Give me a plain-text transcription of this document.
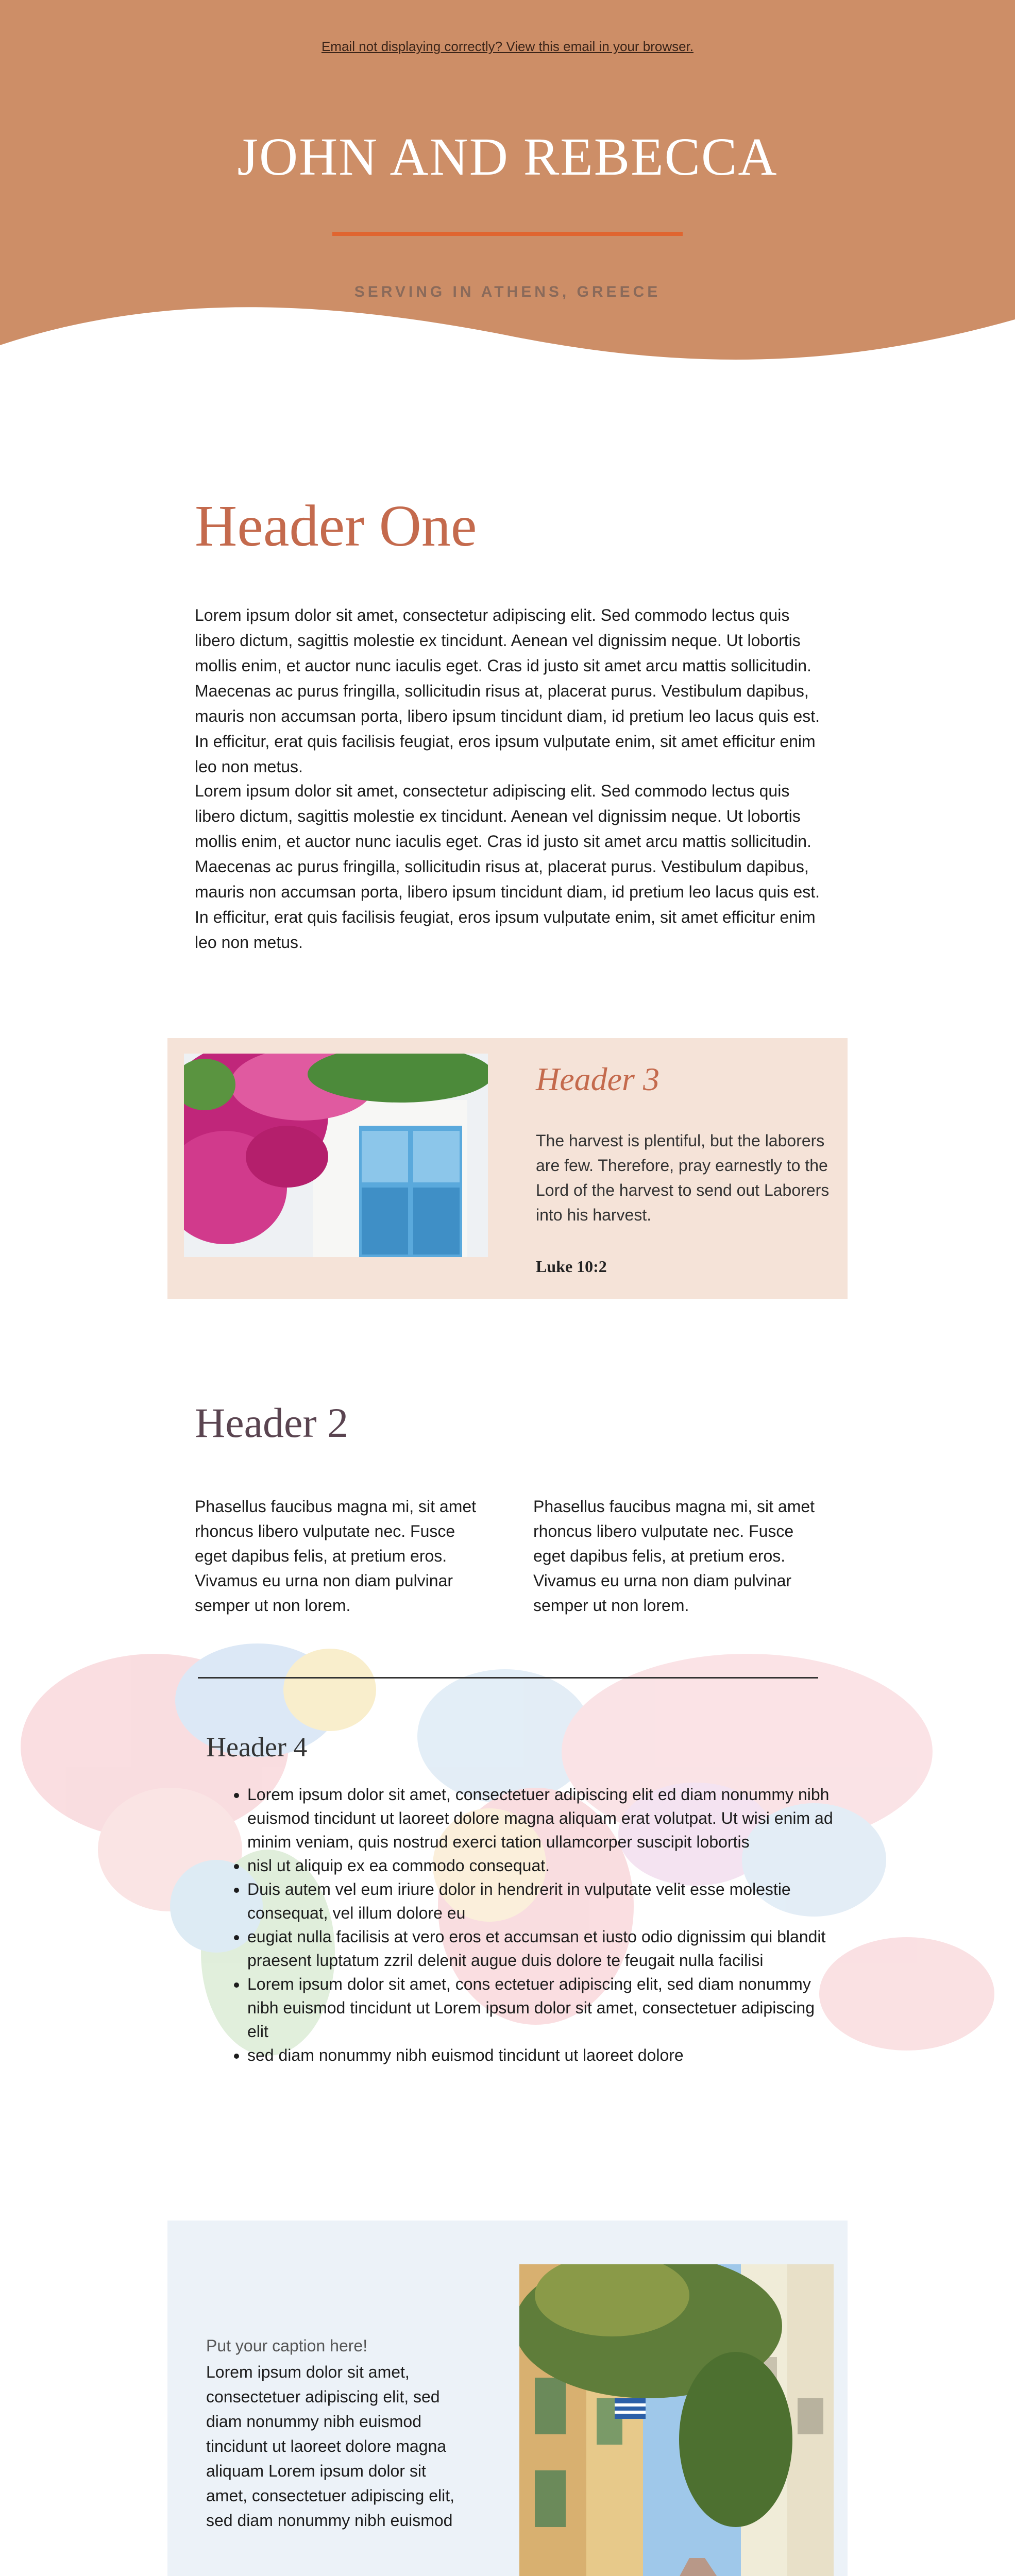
Email not displaying correctly? View this email in your browser.
JOHN AND REBECCA
SERVING IN ATHENS, GREECE
Header One
Lorem ipsum dolor sit amet, consectetur adipiscing elit. Sed commodo lectus quis libero dictum, sagittis molestie ex tincidunt. Aenean vel dignissim neque. Ut lobortis mollis enim, et auctor nunc iaculis eget. Cras id justo sit amet arcu mattis sollicitudin. Maecenas ac purus fringilla, sollicitudin risus at, placerat purus. Vestibulum dapibus, mauris non accumsan porta, libero ipsum tincidunt diam, id pretium leo lacus quis est. In efficitur, erat quis facilisis feugiat, eros ipsum vulputate enim, sit amet efficitur enim leo non metus.
Lorem ipsum dolor sit amet, consectetur adipiscing elit. Sed commodo lectus quis libero dictum, sagittis molestie ex tincidunt. Aenean vel dignissim neque. Ut lobortis mollis enim, et auctor nunc iaculis eget. Cras id justo sit amet arcu mattis sollicitudin. Maecenas ac purus fringilla, sollicitudin risus at, placerat purus. Vestibulum dapibus, mauris non accumsan porta, libero ipsum tincidunt diam, id pretium leo lacus quis est. In efficitur, erat quis facilisis feugiat, eros ipsum vulputate enim, sit amet efficitur enim leo non metus.
Header 3
The harvest is plentiful, but the laborers are few. Therefore, pray earnestly to the Lord of the harvest to send out Laborers into his harvest.
Luke 10:2
Header 2
Phasellus faucibus magna mi, sit amet rhoncus libero vulputate nec. Fusce eget dapibus felis, at pretium eros. Vivamus eu urna non diam pulvinar semper ut non lorem.
Phasellus faucibus magna mi, sit amet rhoncus libero vulputate nec. Fusce eget dapibus felis, at pretium eros. Vivamus eu urna non diam pulvinar semper ut non lorem.
Header 4
• Lorem ipsum dolor sit amet, consectetuer adipiscing elit ed diam nonummy nibh euismod tincidunt ut laoreet dolore magna aliquam erat volutpat. Ut wisi enim ad minim veniam, quis nostrud exerci tation ullamcorper suscipit lobortis
• nisl ut aliquip ex ea commodo consequat.
• Duis autem vel eum iriure dolor in hendrerit in vulputate velit esse molestie consequat, vel illum dolore eu
• eugiat nulla facilisis at vero eros et accumsan et iusto odio dignissim qui blandit praesent luptatum zzril delenit augue duis dolore te feugait nulla facilisi
• Lorem ipsum dolor sit amet, cons ectetuer adipiscing elit, sed diam nonummy nibh euismod tincidunt ut Lorem ipsum dolor sit amet, consectetuer adipiscing elit
• sed diam nonummy nibh euismod tincidunt ut laoreet dolore
Put your caption here!
Lorem ipsum dolor sit amet, consectetuer adipiscing elit, sed diam nonummy nibh euismod tincidunt ut laoreet dolore magna aliquam Lorem ipsum dolor sit amet, consectetuer adipiscing elit, sed diam nonummy nibh euismod
